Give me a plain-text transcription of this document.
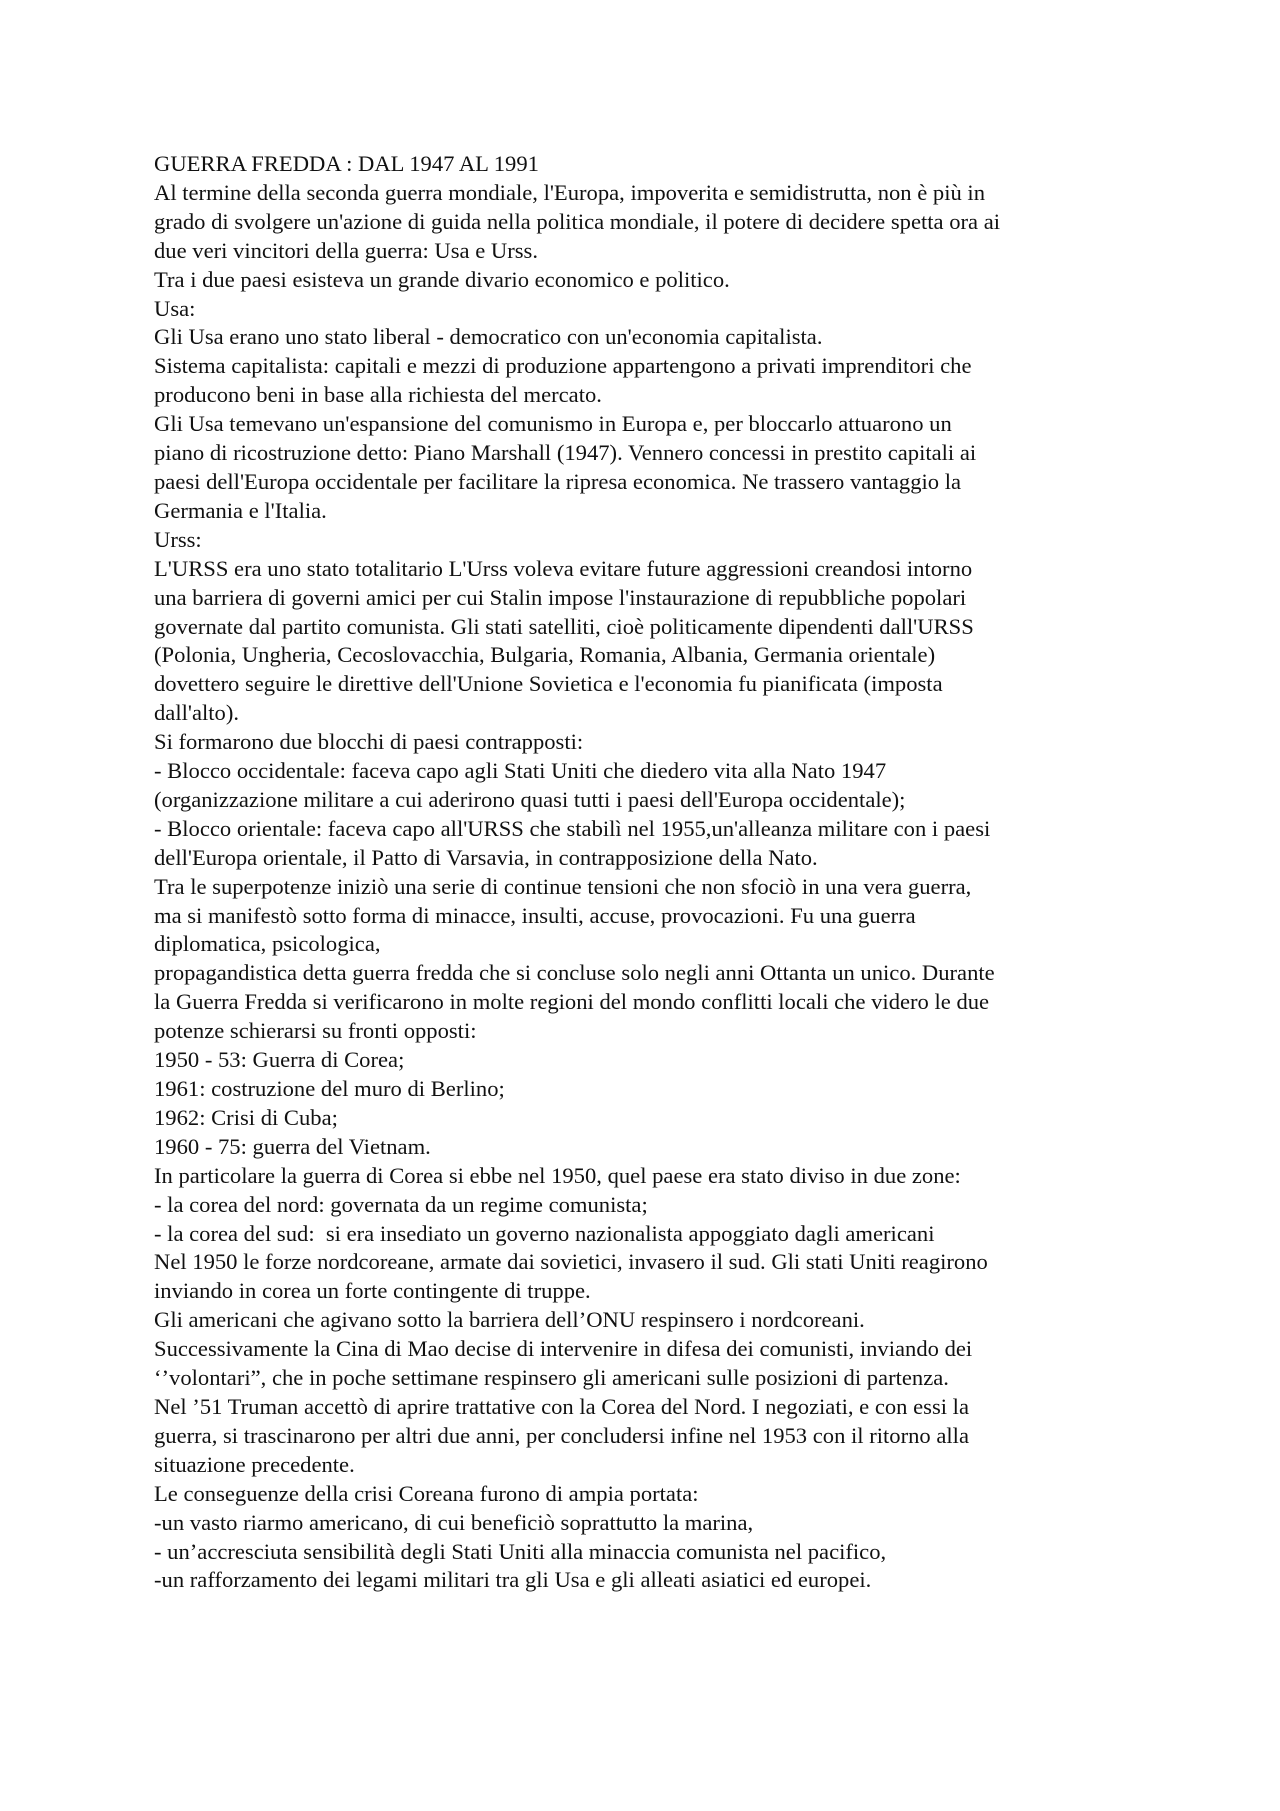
GUERRA FREDDA : DAL 1947 AL 1991
Al termine della seconda guerra mondiale, l'Europa, impoverita e semidistrutta, non è più in
grado di svolgere un'azione di guida nella politica mondiale, il potere di decidere spetta ora ai
due veri vincitori della guerra: Usa e Urss.
Tra i due paesi esisteva un grande divario economico e politico.
Usa:
Gli Usa erano uno stato liberal - democratico con un'economia capitalista.
Sistema capitalista: capitali e mezzi di produzione appartengono a privati imprenditori che
producono beni in base alla richiesta del mercato.
Gli Usa temevano un'espansione del comunismo in Europa e, per bloccarlo attuarono un
piano di ricostruzione detto: Piano Marshall (1947). Vennero concessi in prestito capitali ai
paesi dell'Europa occidentale per facilitare la ripresa economica. Ne trassero vantaggio la
Germania e l'Italia.
Urss:
L'URSS era uno stato totalitario L'Urss voleva evitare future aggressioni creandosi intorno
una barriera di governi amici per cui Stalin impose l'instaurazione di repubbliche popolari
governate dal partito comunista. Gli stati satelliti, cioè politicamente dipendenti dall'URSS
(Polonia, Ungheria, Cecoslovacchia, Bulgaria, Romania, Albania, Germania orientale)
dovettero seguire le direttive dell'Unione Sovietica e l'economia fu pianificata (imposta
dall'alto).
Si formarono due blocchi di paesi contrapposti:
- Blocco occidentale: faceva capo agli Stati Uniti che diedero vita alla Nato 1947
(organizzazione militare a cui aderirono quasi tutti i paesi dell'Europa occidentale);
- Blocco orientale: faceva capo all'URSS che stabilì nel 1955,un'alleanza militare con i paesi
dell'Europa orientale, il Patto di Varsavia, in contrapposizione della Nato.
Tra le superpotenze iniziò una serie di continue tensioni che non sfociò in una vera guerra,
ma si manifestò sotto forma di minacce, insulti, accuse, provocazioni. Fu una guerra
diplomatica, psicologica,
propagandistica detta guerra fredda che si concluse solo negli anni Ottanta un unico. Durante
la Guerra Fredda si verificarono in molte regioni del mondo conflitti locali che videro le due
potenze schierarsi su fronti opposti:
1950 - 53: Guerra di Corea;
1961: costruzione del muro di Berlino;
1962: Crisi di Cuba;
1960 - 75: guerra del Vietnam.
In particolare la guerra di Corea si ebbe nel 1950, quel paese era stato diviso in due zone:
- la corea del nord: governata da un regime comunista;
- la corea del sud:  si era insediato un governo nazionalista appoggiato dagli americani
Nel 1950 le forze nordcoreane, armate dai sovietici, invasero il sud. Gli stati Uniti reagirono
inviando in corea un forte contingente di truppe.
Gli americani che agivano sotto la barriera dell’ONU respinsero i nordcoreani.
Successivamente la Cina di Mao decise di intervenire in difesa dei comunisti, inviando dei
‘’volontari”, che in poche settimane respinsero gli americani sulle posizioni di partenza.
Nel ’51 Truman accettò di aprire trattative con la Corea del Nord. I negoziati, e con essi la
guerra, si trascinarono per altri due anni, per concludersi infine nel 1953 con il ritorno alla
situazione precedente.
Le conseguenze della crisi Coreana furono di ampia portata:
-un vasto riarmo americano, di cui beneficiò soprattutto la marina,
- un’accresciuta sensibilità degli Stati Uniti alla minaccia comunista nel pacifico,
-un rafforzamento dei legami militari tra gli Usa e gli alleati asiatici ed europei.
